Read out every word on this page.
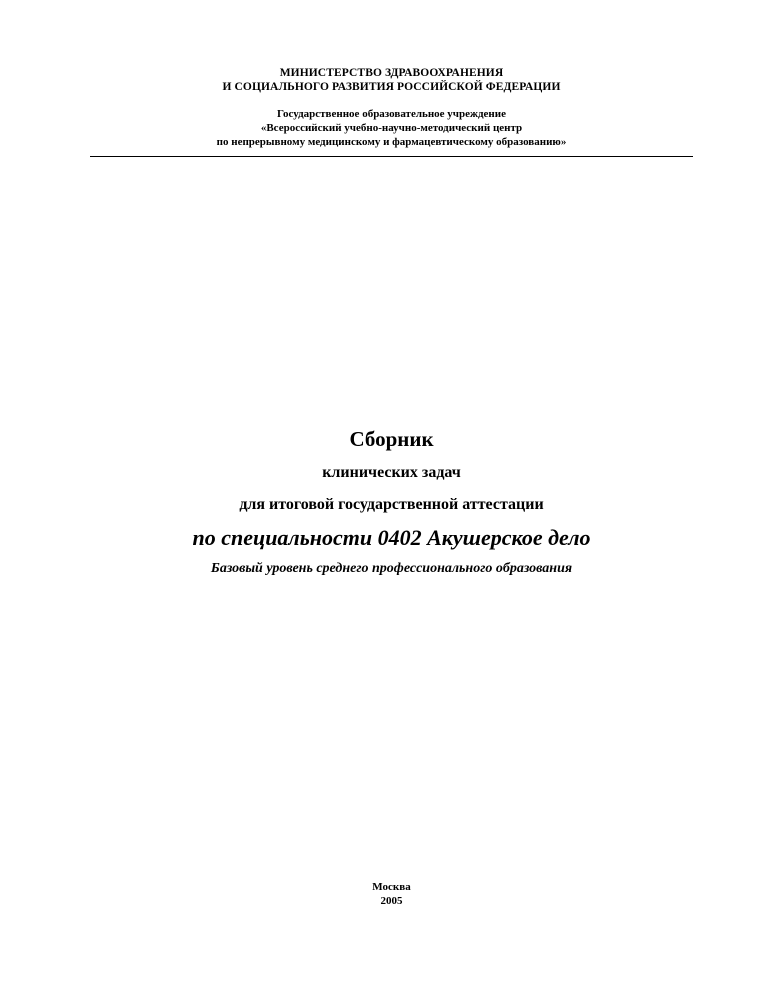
МИНИСТЕРСТВО ЗДРАВООХРАНЕНИЯ
И СОЦИАЛЬНОГО РАЗВИТИЯ РОССИЙСКОЙ ФЕДЕРАЦИИ
Государственное образовательное учреждение
«Всероссийский учебно-научно-методический центр
по непрерывному медицинскому и фармацевтическому образованию»
Сборник
клинических задач
для итоговой государственной аттестации
по специальности 0402 Акушерское дело
Базовый уровень среднего профессионального образования
Москва
2005
